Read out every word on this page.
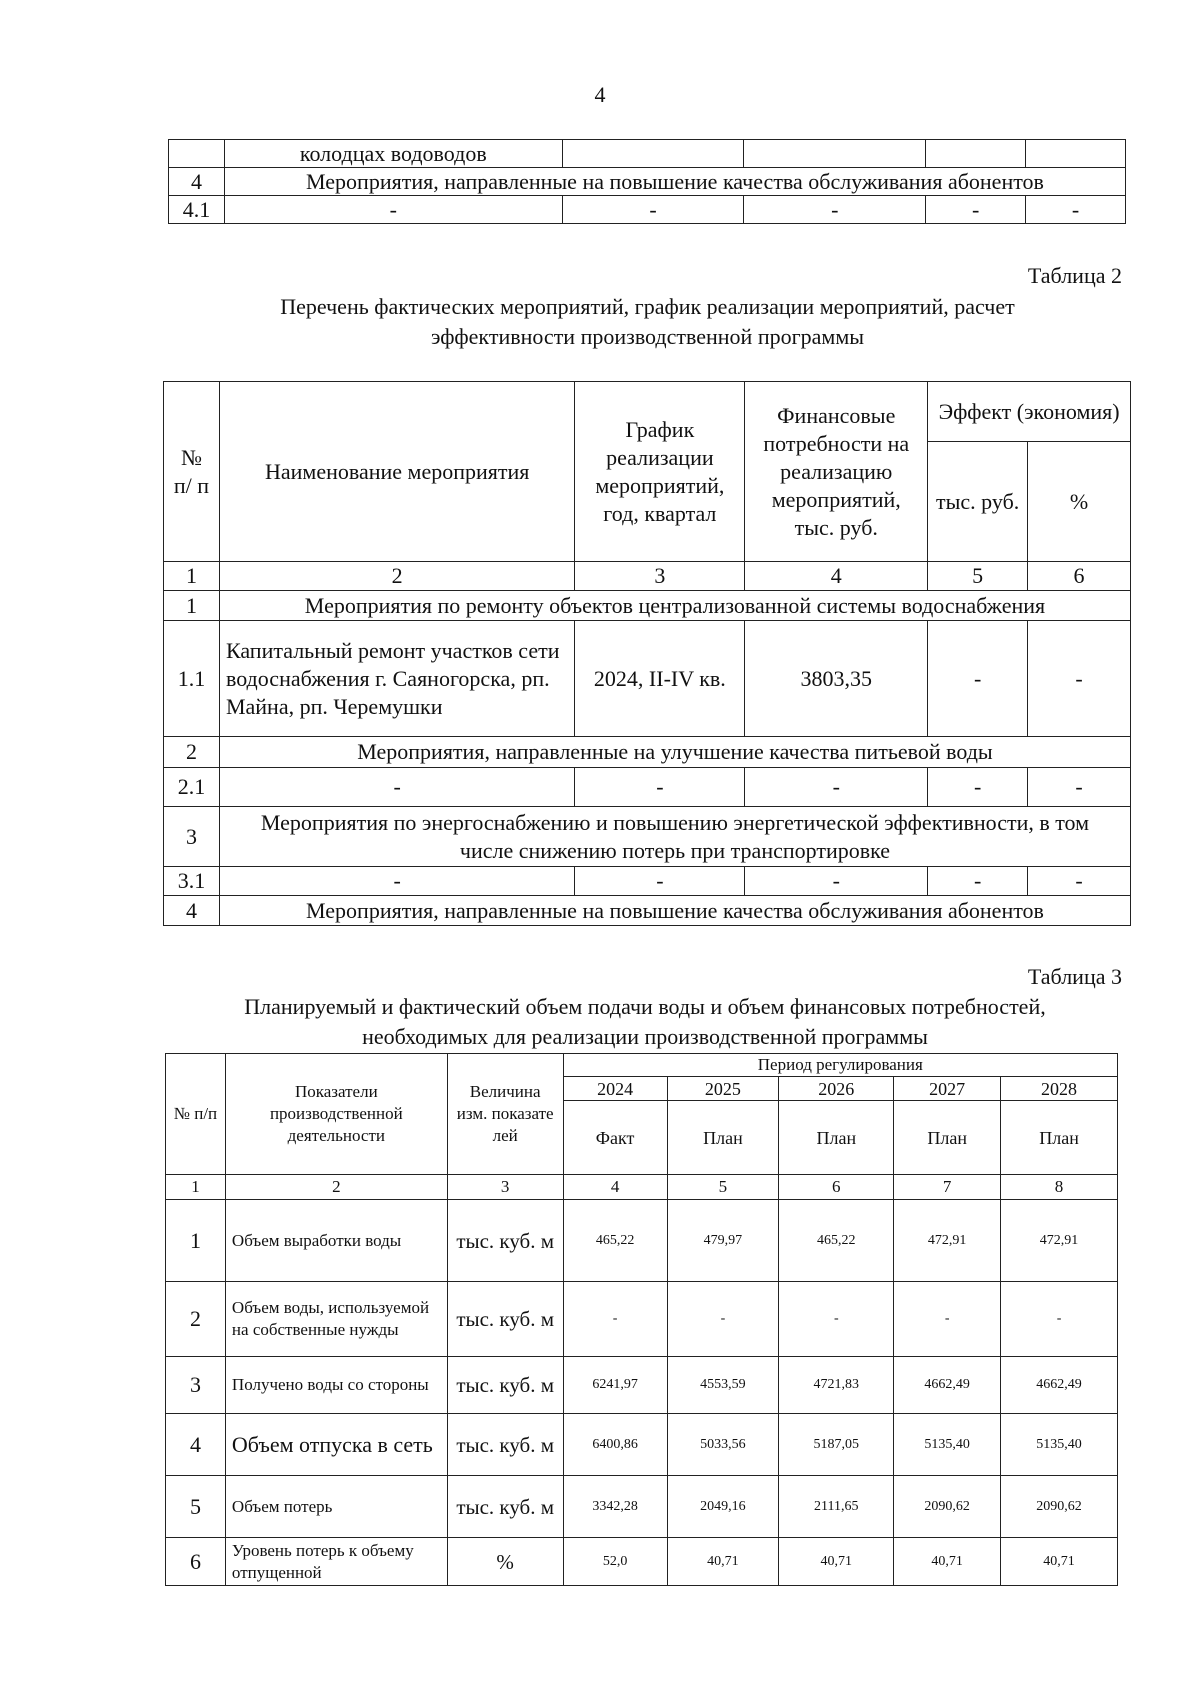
4
	колодцах водоводов				
4	Мероприятия, направленные на повышение качества обслуживания абонентов				
4.1	-	-	-	-	-
Таблица 2
Перечень фактических мероприятий, график реализации мероприятий, расчет
эффективности производственной программы
№ п/ п	Наименование мероприятия	График реализации мероприятий, год, квартал	Финансовые потребности на реализацию мероприятий, тыс. руб.	Эффект (экономия)	
				тыс. руб.	%
1	2	3	4	5	6
1	Мероприятия по ремонту объектов централизованной системы водоснабжения				
1.1	Капитальный ремонт участков сети водоснабжения г. Саяногорска, рп. Майна, рп. Черемушки	2024, II-IV кв.	3803,35	-	-
2	Мероприятия, направленные на улучшение качества питьевой воды				
2.1	-	-	-	-	-
3	Мероприятия по энергоснабжению и повышению энергетической эффективности, в том числе снижению потерь при транспортировке				
3.1	-	-	-	-	-
4	Мероприятия, направленные на повышение качества обслуживания абонентов				
Таблица 3
Планируемый и фактический объем подачи воды и объем финансовых потребностей,
необходимых для реализации производственной программы
№ п/п	Показатели производственной деятельности	Величина изм. показате лей	Период регулирования				
			2024	2025	2026	2027	2028
			Факт	План	План	План	План
1	2	3	4	5	6	7	8
1	Объем выработки воды	тыс. куб. м	465,22	479,97	465,22	472,91	472,91
2	Объем воды, используемой на собственные нужды	тыс. куб. м	-	-	-	-	-
3	Получено воды со стороны	тыс. куб. м	6241,97	4553,59	4721,83	4662,49	4662,49
4	Объем отпуска в сеть	тыс. куб. м	6400,86	5033,56	5187,05	5135,40	5135,40
5	Объем потерь	тыс. куб. м	3342,28	2049,16	2111,65	2090,62	2090,62
6	Уровень потерь к объему отпущенной	%	52,0	40,71	40,71	40,71	40,71
